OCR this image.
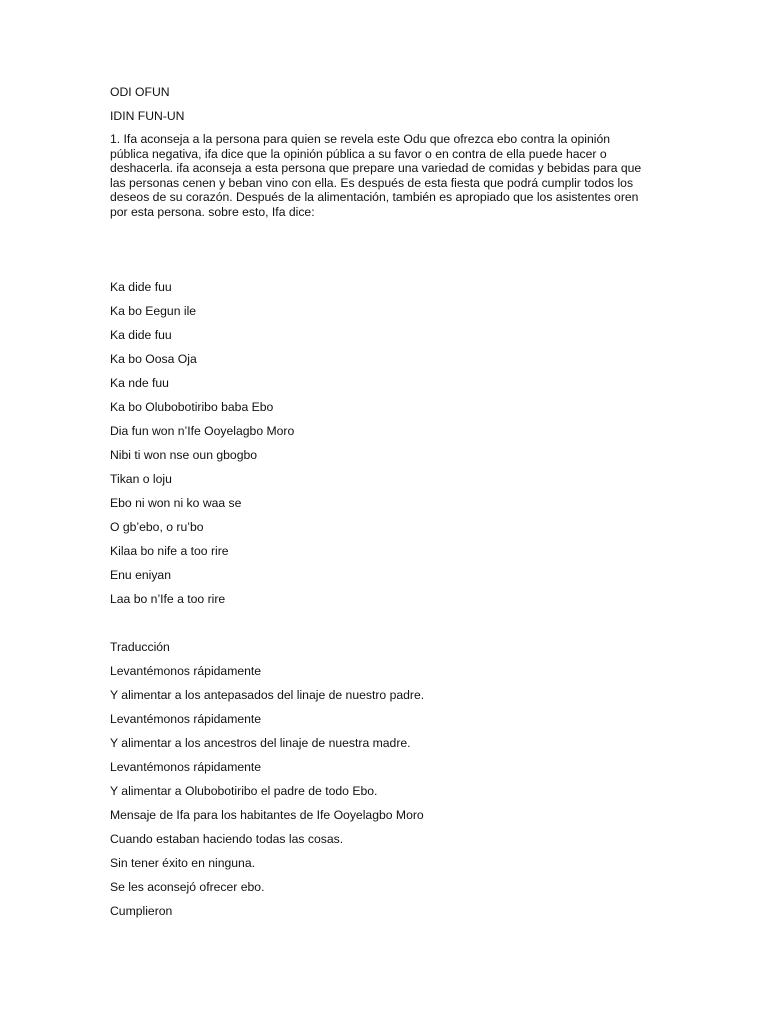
ODI OFUN
IDIN FUN-UN
1. Ifa aconseja a la persona para quien se revela este Odu que ofrezca ebo contra la opinión pública negativa, ifa dice que la opinión pública a su favor o en contra de ella puede hacer o deshacerla. ifa aconseja a esta persona que prepare una variedad de comidas y bebidas para que las personas cenen y beban vino con ella. Es después de esta fiesta que podrá cumplir todos los deseos de su corazón. Después de la alimentación, también es apropiado que los asistentes oren por esta persona. sobre esto, Ifa dice:
Ka dide fuu
Ka bo Eegun ile
Ka dide fuu
Ka bo Oosa Oja
Ka nde fuu
Ka bo Olubobotiribo baba Ebo
Dia fun won n’Ife Ooyelagbo Moro
Nibi ti won nse oun gbogbo
Tikan o loju
Ebo ni won ni ko waa se
O gb’ebo, o ru’bo
Kilaa bo nife a too rire
Enu eniyan
Laa bo n’Ife a too rire
Traducción
Levantémonos rápidamente
Y alimentar a los antepasados del linaje de nuestro padre.
Levantémonos rápidamente
Y alimentar a los ancestros del linaje de nuestra madre.
Levantémonos rápidamente
Y alimentar a Olubobotiribo el padre de todo Ebo.
Mensaje de Ifa para los habitantes de Ife Ooyelagbo Moro
Cuando estaban haciendo todas las cosas.
Sin tener éxito en ninguna.
Se les aconsejó ofrecer ebo.
Cumplieron
